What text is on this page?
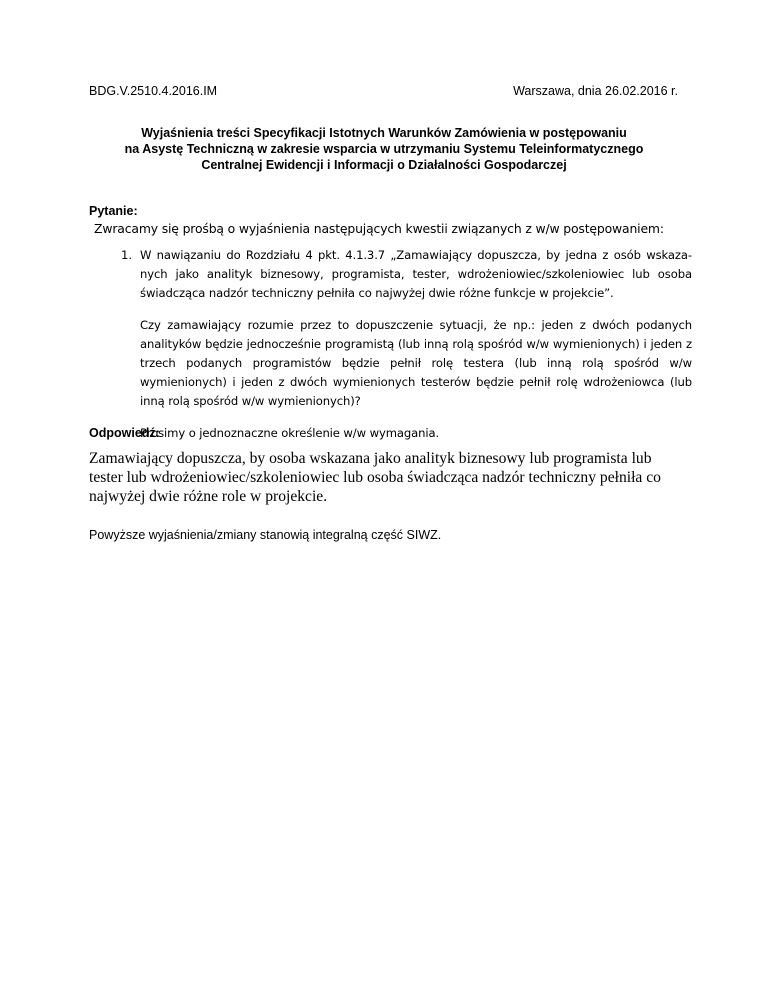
BDG.V.2510.4.2016.IM	Warszawa, dnia 26.02.2016 r.
Wyjaśnienia treści Specyfikacji Istotnych Warunków Zamówienia w postępowaniu
na Asystę Techniczną w zakresie wsparcia w utrzymaniu Systemu Teleinformatycznego
Centralnej Ewidencji i Informacji o Działalności Gospodarczej
Pytanie:
Zwracamy się prośbą o wyjaśnienia następujących kwestii związanych z w/w postępowaniem:
1. W nawiązaniu do Rozdziału 4 pkt. 4.1.3.7 „Zamawiający dopuszcza, by jedna z osób wskaza-nych jako analityk biznesowy, programista, tester, wdrożeniowiec/szkoleniowiec lub osoba świadcząca nadzór techniczny pełniła co najwyżej dwie różne funkcje w projekcie”.

Czy zamawiający rozumie przez to dopuszczenie sytuacji, że np.: jeden z dwóch podanych analityków będzie jednocześnie programistą (lub inną rolą spośród w/w wymienionych) i jeden z trzech podanych programistów będzie pełnił rolę testera (lub inną rolą spośród w/w wymienionych) i jeden z dwóch wymienionych testerów będzie pełnił rolę wdrożeniowca (lub inną rolą spośród w/w wymienionych)?

Prosimy o jednoznaczne określenie w/w wymagania.

Odpowiedź:
Zamawiający dopuszcza, by osoba wskazana jako analityk biznesowy lub programista lub tester lub wdrożeniowiec/szkoleniowiec lub osoba świadcząca nadzór techniczny pełniła co najwyżej dwie różne role w projekcie.
Powyższe wyjaśnienia/zmiany stanowią integralną część SIWZ.
